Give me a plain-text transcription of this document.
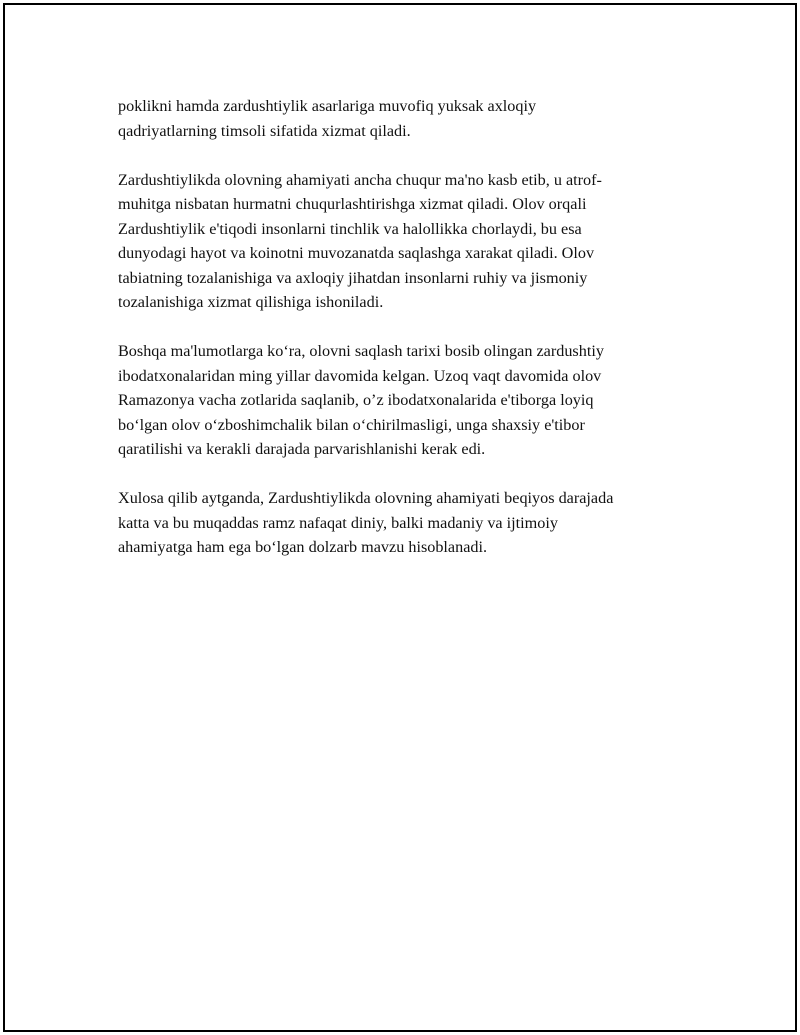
poklikni hamda zardushtiylik asarlariga muvofiq yuksak axloqiy
qadriyatlarning timsoli sifatida xizmat qiladi.

Zardushtiylikda olovning ahamiyati ancha chuqur ma'no kasb etib, u atrof-
muhitga nisbatan hurmatni chuqurlashtirishga xizmat qiladi. Olov orqali
Zardushtiylik e'tiqodi insonlarni tinchlik va halollikka chorlaydi, bu esa
dunyodagi hayot va koinotni muvozanatda saqlashga xarakat qiladi. Olov
tabiatning tozalanishiga va axloqiy jihatdan insonlarni ruhiy va jismoniy
tozalanishiga xizmat qilishiga ishoniladi.

Boshqa ma'lumotlarga ko‘ra, olovni saqlash tarixi bosib olingan zardushtiy
ibodatxonalaridan ming yillar davomida kelgan. Uzoq vaqt davomida olov
Ramazonya vacha zotlarida saqlanib, o’z ibodatxonalarida e'tiborga loyiq
bo‘lgan olov o‘zboshimchalik bilan o‘chirilmasligi, unga shaxsiy e'tibor
qaratilishi va kerakli darajada parvarishlanishi kerak edi.

Xulosa qilib aytganda, Zardushtiylikda olovning ahamiyati beqiyos darajada
katta va bu muqaddas ramz nafaqat diniy, balki madaniy va ijtimoiy
ahamiyatga ham ega bo‘lgan dolzarb mavzu hisoblanadi.
